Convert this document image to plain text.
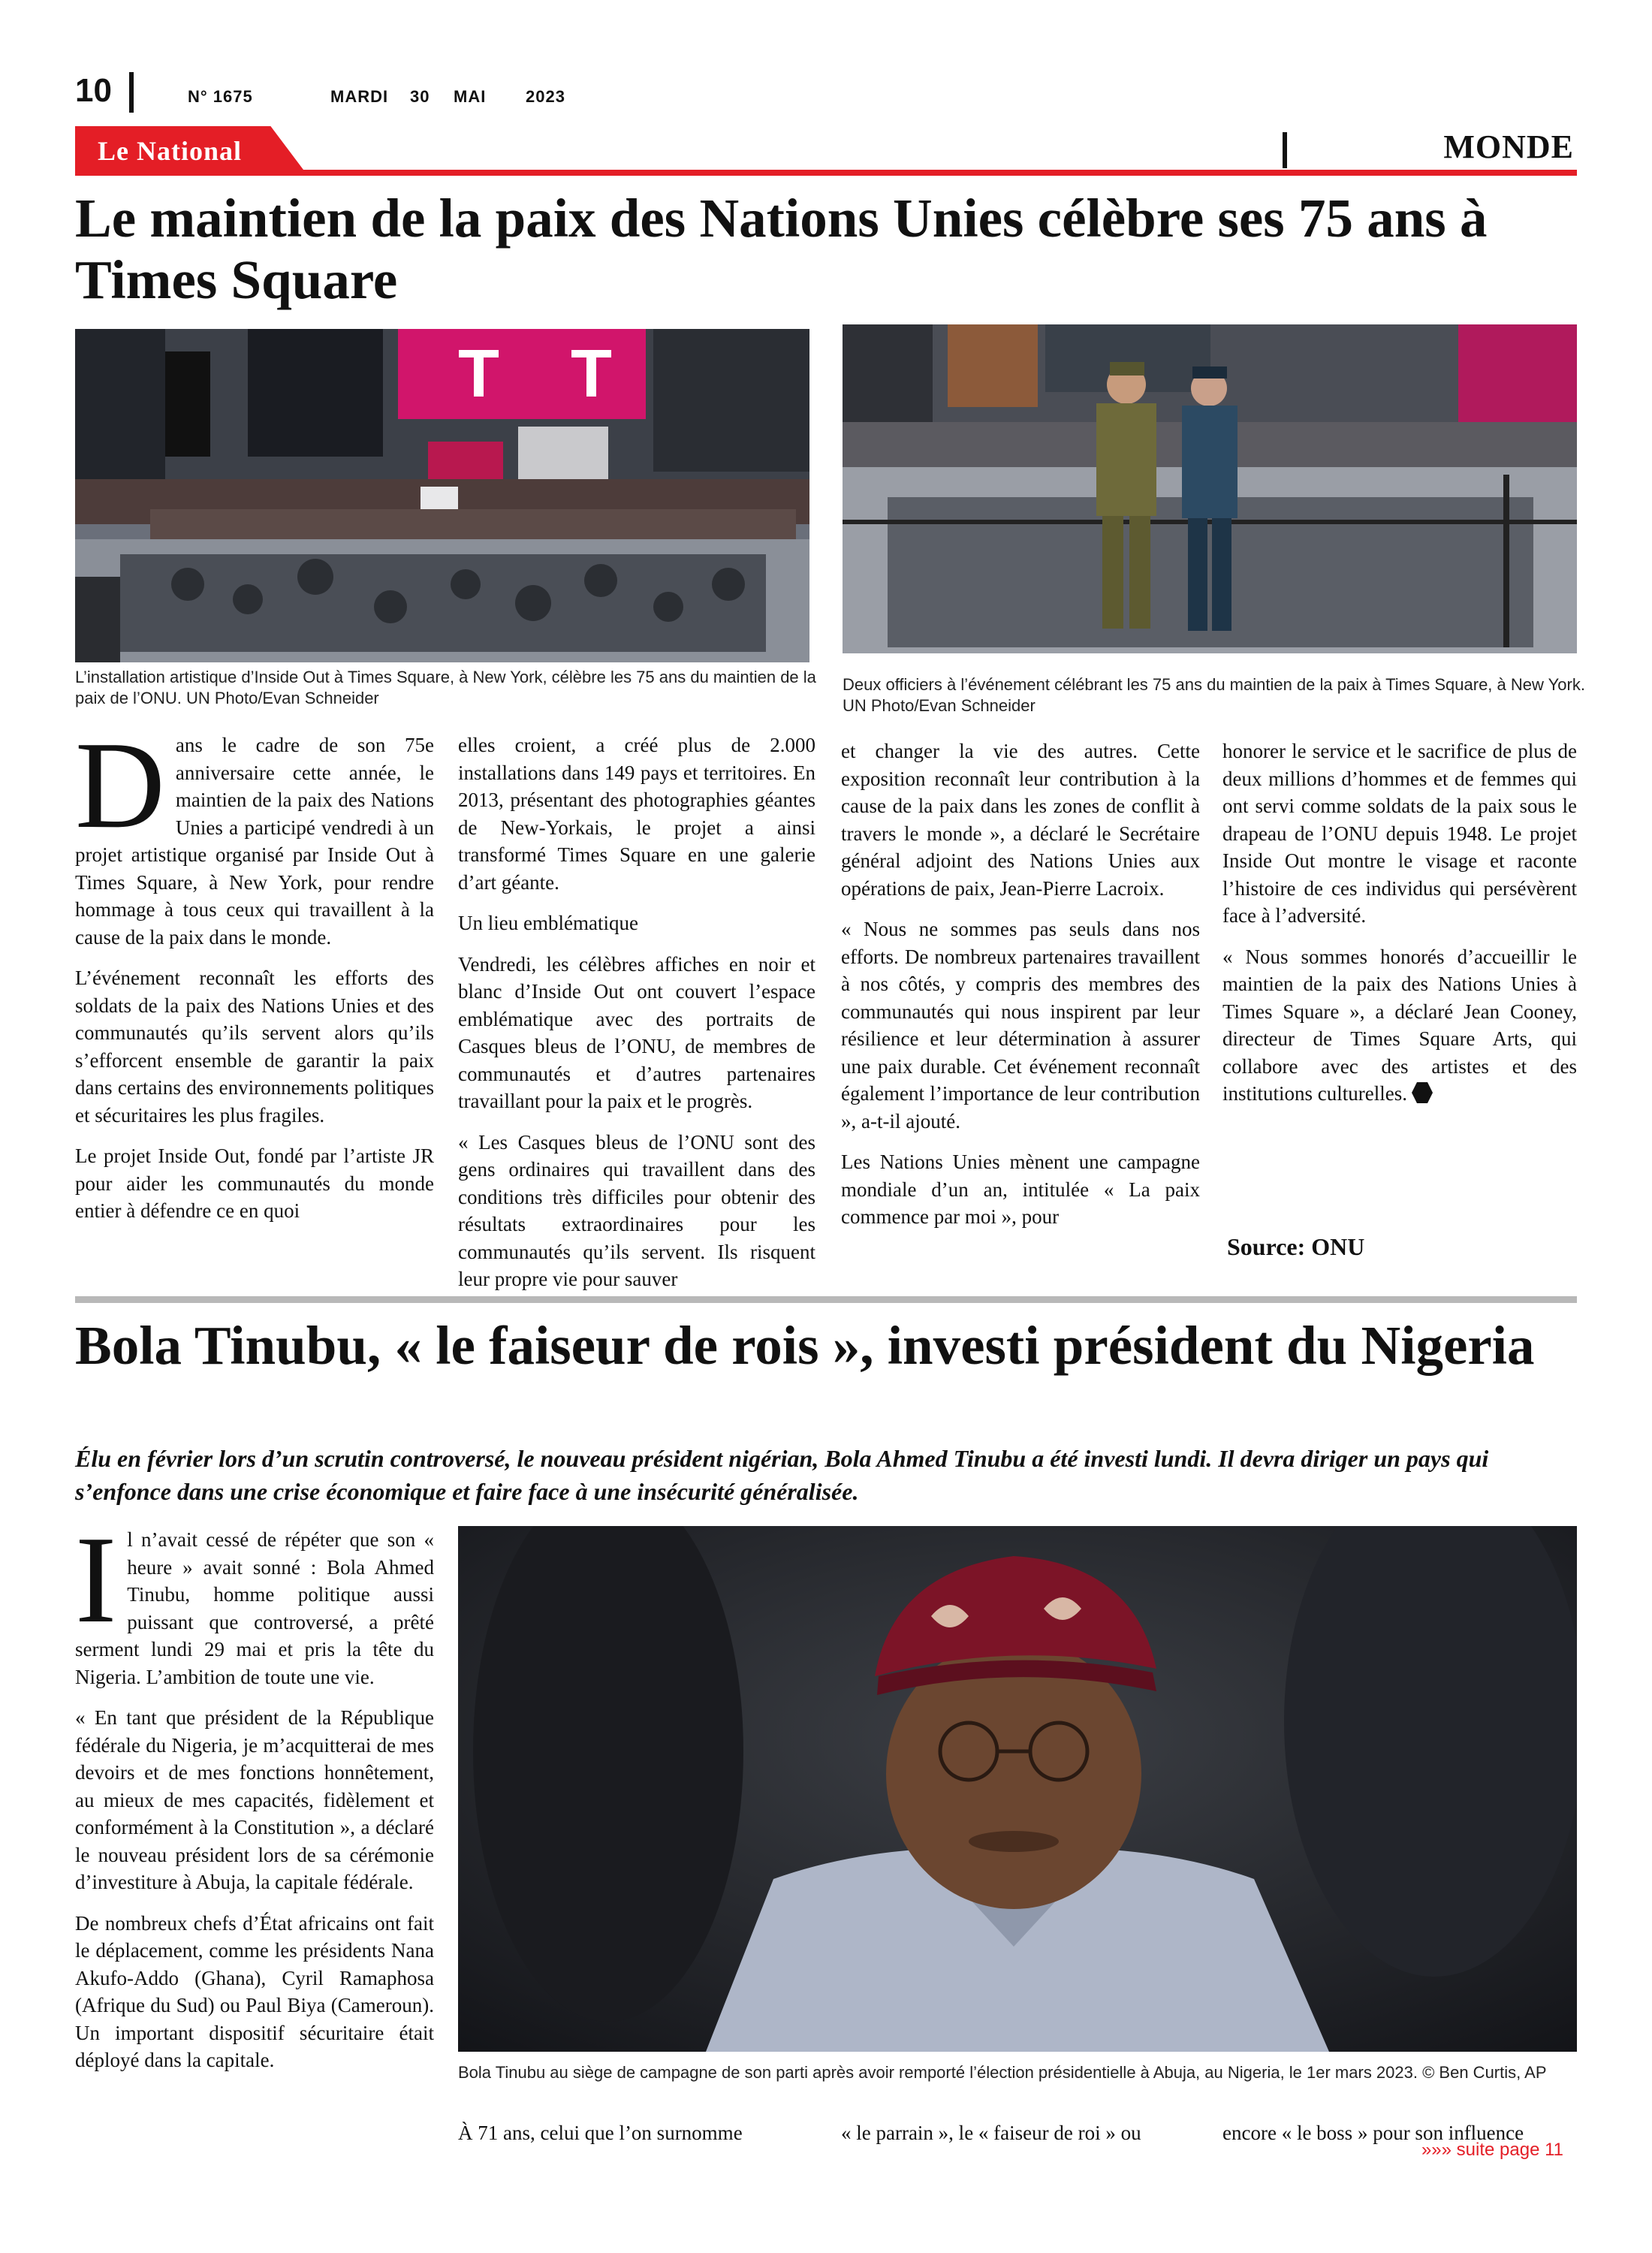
10	N° 1675	MARDI 30 MAI 2023
Le National	MONDE
Le maintien de la paix des Nations Unies célèbre ses 75 ans à Times Square
T T
L’installation artistique d’Inside Out à Times Square, à New York, célèbre les 75 ans du maintien de la paix de l’ONU. UN Photo/Evan Schneider
Deux officiers à l’événement célébrant les 75 ans du maintien de la paix à Times Square, à New York. UN Photo/Evan Schneider

Dans le cadre de son 75e anniversaire cette année, le maintien de la paix des Nations Unies a participé vendredi à un projet artistique organisé par Inside Out à Times Square, à New York, pour rendre hommage à tous ceux qui travaillent à la cause de la paix dans le monde.

L’événement reconnaît les efforts des soldats de la paix des Nations Unies et des communautés qu’ils servent alors qu’ils s’efforcent ensemble de garantir la paix dans certains des environnements politiques et sécuritaires les plus fragiles.

Le projet Inside Out, fondé par l’artiste JR pour aider les communautés du monde entier à défendre ce en quoi

elles croient, a créé plus de 2.000 installations dans 149 pays et territoires. En 2013, présentant des photographies géantes de New-Yorkais, le projet a ainsi transformé Times Square en une galerie d’art géante.

Un lieu emblématique

Vendredi, les célèbres affiches en noir et blanc d’Inside Out ont couvert l’espace emblématique avec des portraits de Casques bleus de l’ONU, de membres de communautés et d’autres partenaires travaillant pour la paix et le progrès.

« Les Casques bleus de l’ONU sont des gens ordinaires qui travaillent dans des conditions très difficiles pour obtenir des résultats extraordinaires pour les communautés qu’ils servent. Ils risquent leur propre vie pour sauver

et changer la vie des autres. Cette exposition reconnaît leur contribution à la cause de la paix dans les zones de conflit à travers le monde », a déclaré le Secrétaire général adjoint des Nations Unies aux opérations de paix, Jean-Pierre Lacroix.

« Nous ne sommes pas seuls dans nos efforts. De nombreux partenaires travaillent à nos côtés, y compris des membres des communautés qui nous inspirent par leur résilience et leur détermination à assurer une paix durable. Cet événement reconnaît également l’importance de leur contribution », a-t-il ajouté.

Les Nations Unies mènent une campagne mondiale d’un an, intitulée « La paix commence par moi », pour

honorer le service et le sacrifice de plus de deux millions d’hommes et de femmes qui ont servi comme soldats de la paix sous le drapeau de l’ONU depuis 1948. Le projet Inside Out montre le visage et raconte l’histoire de ces individus qui persévèrent face à l’adversité.

« Nous sommes honorés d’accueillir le maintien de la paix des Nations Unies à Times Square », a déclaré Jean Cooney, directeur de Times Square Arts, qui collabore avec des artistes et des institutions culturelles.

Source: ONU
Bola Tinubu, « le faiseur de rois », investi président du Nigeria
Élu en février lors d’un scrutin controversé, le nouveau président nigérian, Bola Ahmed Tinubu a été investi lundi. Il devra diriger un pays qui s’enfonce dans une crise économique et faire face à une insécurité généralisée.

Il n’avait cessé de répéter que son « heure » avait sonné : Bola Ahmed Tinubu, homme politique aussi puissant que controversé, a prêté serment lundi 29 mai et pris la tête du Nigeria. L’ambition de toute une vie.

« En tant que président de la République fédérale du Nigeria, je m’acquitterai de mes devoirs et de mes fonctions honnêtement, au mieux de mes capacités, fidèlement et conformément à la Constitution », a déclaré le nouveau président lors de sa cérémonie d’investiture à Abuja, la capitale fédérale.

De nombreux chefs d’État africains ont fait le déplacement, comme les présidents Nana Akufo-Addo (Ghana), Cyril Ramaphosa (Afrique du Sud) ou Paul Biya (Cameroun). Un important dispositif sécuritaire était déployé dans la capitale.

Bola Tinubu au siège de campagne de son parti après avoir remporté l’élection présidentielle à Abuja, au Nigeria, le 1er mars 2023. © Ben Curtis, AP

À 71 ans, celui que l’on surnomme	« le parrain », le « faiseur de roi » ou	encore « le boss » pour son influence

»»» suite page 11
